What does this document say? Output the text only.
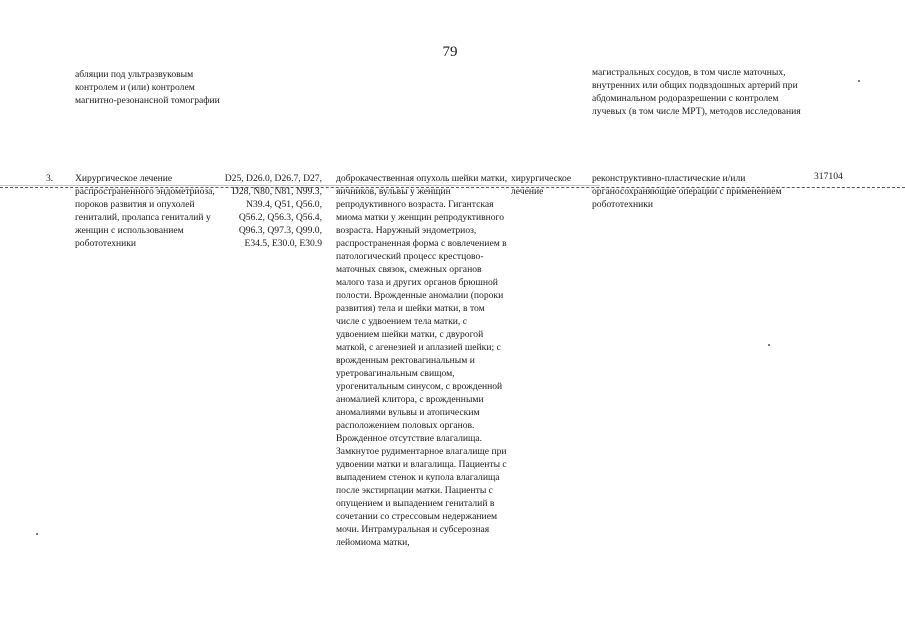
79
абляции под ультразвуковым контролем и (или) контролем магнитно-резонансной томографии
магистральных сосудов, в том числе маточных, внутренних или общих подвздошных артерий при абдоминальном родоразрешении с контролем лучевых (в том числе МРТ), методов исследования
3.	Хирургическое лечение распространенного эндометриоза, пороков развития и опухолей гениталий, пролапса гениталий у женщин с использованием робототехники
D25, D26.0, D26.7, D27, D28, N80, N81, N99.3, N39.4, Q51, Q56.0, Q56.2, Q56.3, Q56.4, Q96.3, Q97.3, Q99.0, E34.5, E30.0, E30.9
доброкачественная опухоль шейки матки, яичников, вульвы у женщин репродуктивного возраста. Гигантская миома матки у женщин репродуктивного возраста. Наружный эндометриоз, распространенная форма с вовлечением в патологический процесс крестцово-маточных связок, смежных органов малого таза и других органов брюшной полости. Врожденные аномалии (пороки развития) тела и шейки матки, в том числе с удвоением тела матки, с удвоением шейки матки, с двурогой маткой, с агенезией и аплазией шейки; с врожденным ректовагинальным и уретровагинальным свищом, урогенитальным синусом, с врожденной аномалией клитора, с врожденными аномалиями вульвы и атопическим расположением половых органов. Врожденное отсутствие влагалища. Замкнутое рудиментарное влагалище при удвоении матки и влагалища. Пациенты с выпадением стенок и купола влагалища после экстирпации матки. Пациенты с опущением и выпадением гениталий в сочетании со стрессовым недержанием мочи. Интрамуральная и субсерозная лейомиома матки,
хирургическое лечение
реконструктивно-пластические и/или органосохраняющие операции с применением робототехники
317104
